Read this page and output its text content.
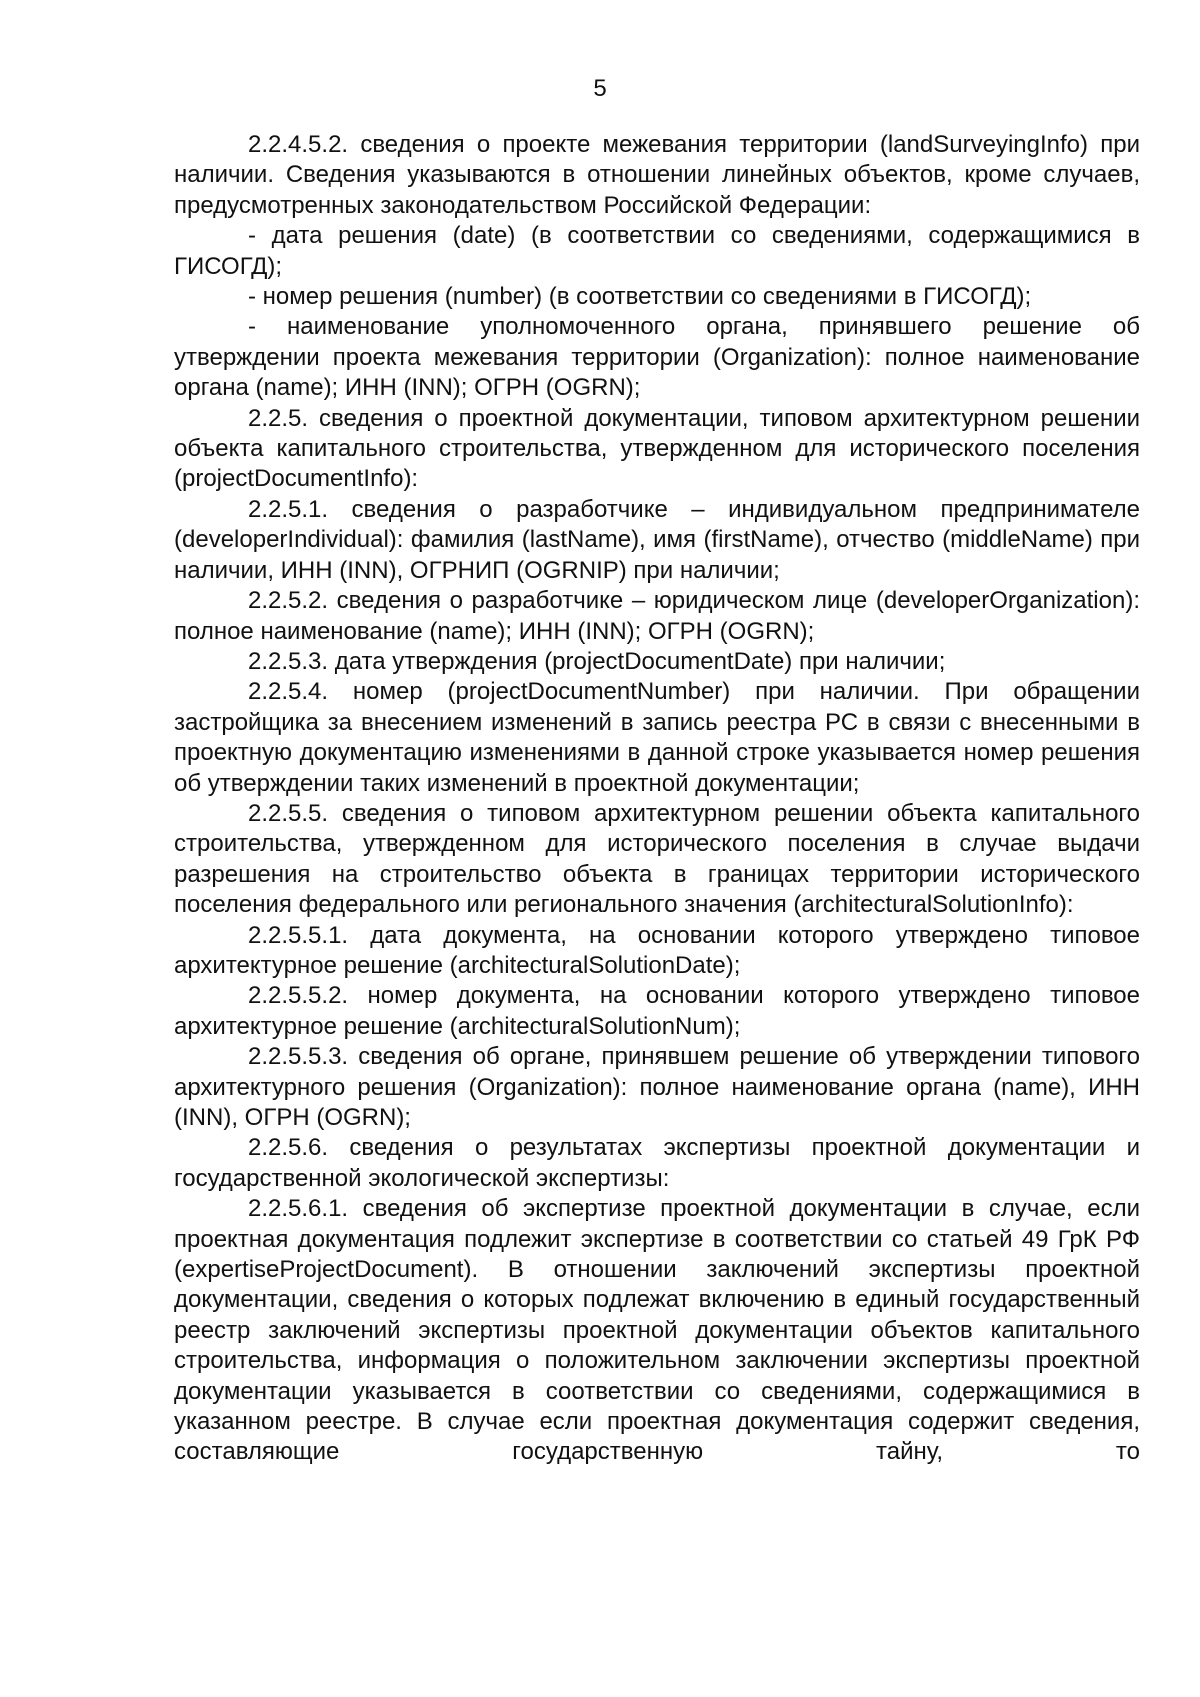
5

2.2.4.5.2. сведения о проекте межевания территории (landSurveyingInfo) при наличии. Сведения указываются в отношении линейных объектов, кроме случаев, предусмотренных законодательством Российской Федерации:

- дата решения (date) (в соответствии со сведениями, содержащимися в ГИСОГД);

- номер решения (number) (в соответствии со сведениями в ГИСОГД);

- наименование уполномоченного органа, принявшего решение об утверждении проекта межевания территории (Organization): полное наименование органа (name); ИНН (INN); ОГРН (OGRN);

2.2.5. сведения о проектной документации, типовом архитектурном решении объекта капитального строительства, утвержденном для исторического поселения (projectDocumentInfo):

2.2.5.1. сведения о разработчике – индивидуальном предпринимателе (developerIndividual): фамилия (lastName), имя (firstName), отчество (middleName) при наличии, ИНН (INN), ОГРНИП (OGRNIP) при наличии;

2.2.5.2. сведения о разработчике – юридическом лице (developerOrganization): полное наименование (name); ИНН (INN); ОГРН (OGRN);

2.2.5.3. дата утверждения (projectDocumentDate) при наличии;

2.2.5.4. номер (projectDocumentNumber) при наличии. При обращении застройщика за внесением изменений в запись реестра РС в связи с внесенными в проектную документацию изменениями в данной строке указывается номер решения об утверждении таких изменений в проектной документации;

2.2.5.5. сведения о типовом архитектурном решении объекта капитального строительства, утвержденном для исторического поселения в случае выдачи разрешения на строительство объекта в границах территории исторического поселения федерального или регионального значения (architecturalSolutionInfo):

2.2.5.5.1. дата документа, на основании которого утверждено типовое архитектурное решение (architecturalSolutionDate);

2.2.5.5.2. номер документа, на основании которого утверждено типовое архитектурное решение (architecturalSolutionNum);

2.2.5.5.3. сведения об органе, принявшем решение об утверждении типового архитектурного решения (Organization): полное наименование органа (name), ИНН (INN), ОГРН (OGRN);

2.2.5.6. сведения о результатах экспертизы проектной документации и государственной экологической экспертизы:

2.2.5.6.1. сведения об экспертизе проектной документации в случае, если проектная документация подлежит экспертизе в соответствии со статьей 49 ГрК РФ (expertiseProjectDocument). В отношении заключений экспертизы проектной документации, сведения о которых подлежат включению в единый государственный реестр заключений экспертизы проектной документации объектов капитального строительства, информация о положительном заключении экспертизы проектной документации указывается в соответствии со сведениями, содержащимися в указанном реестре. В случае если проектная документация содержит сведения, составляющие государственную тайну, то
